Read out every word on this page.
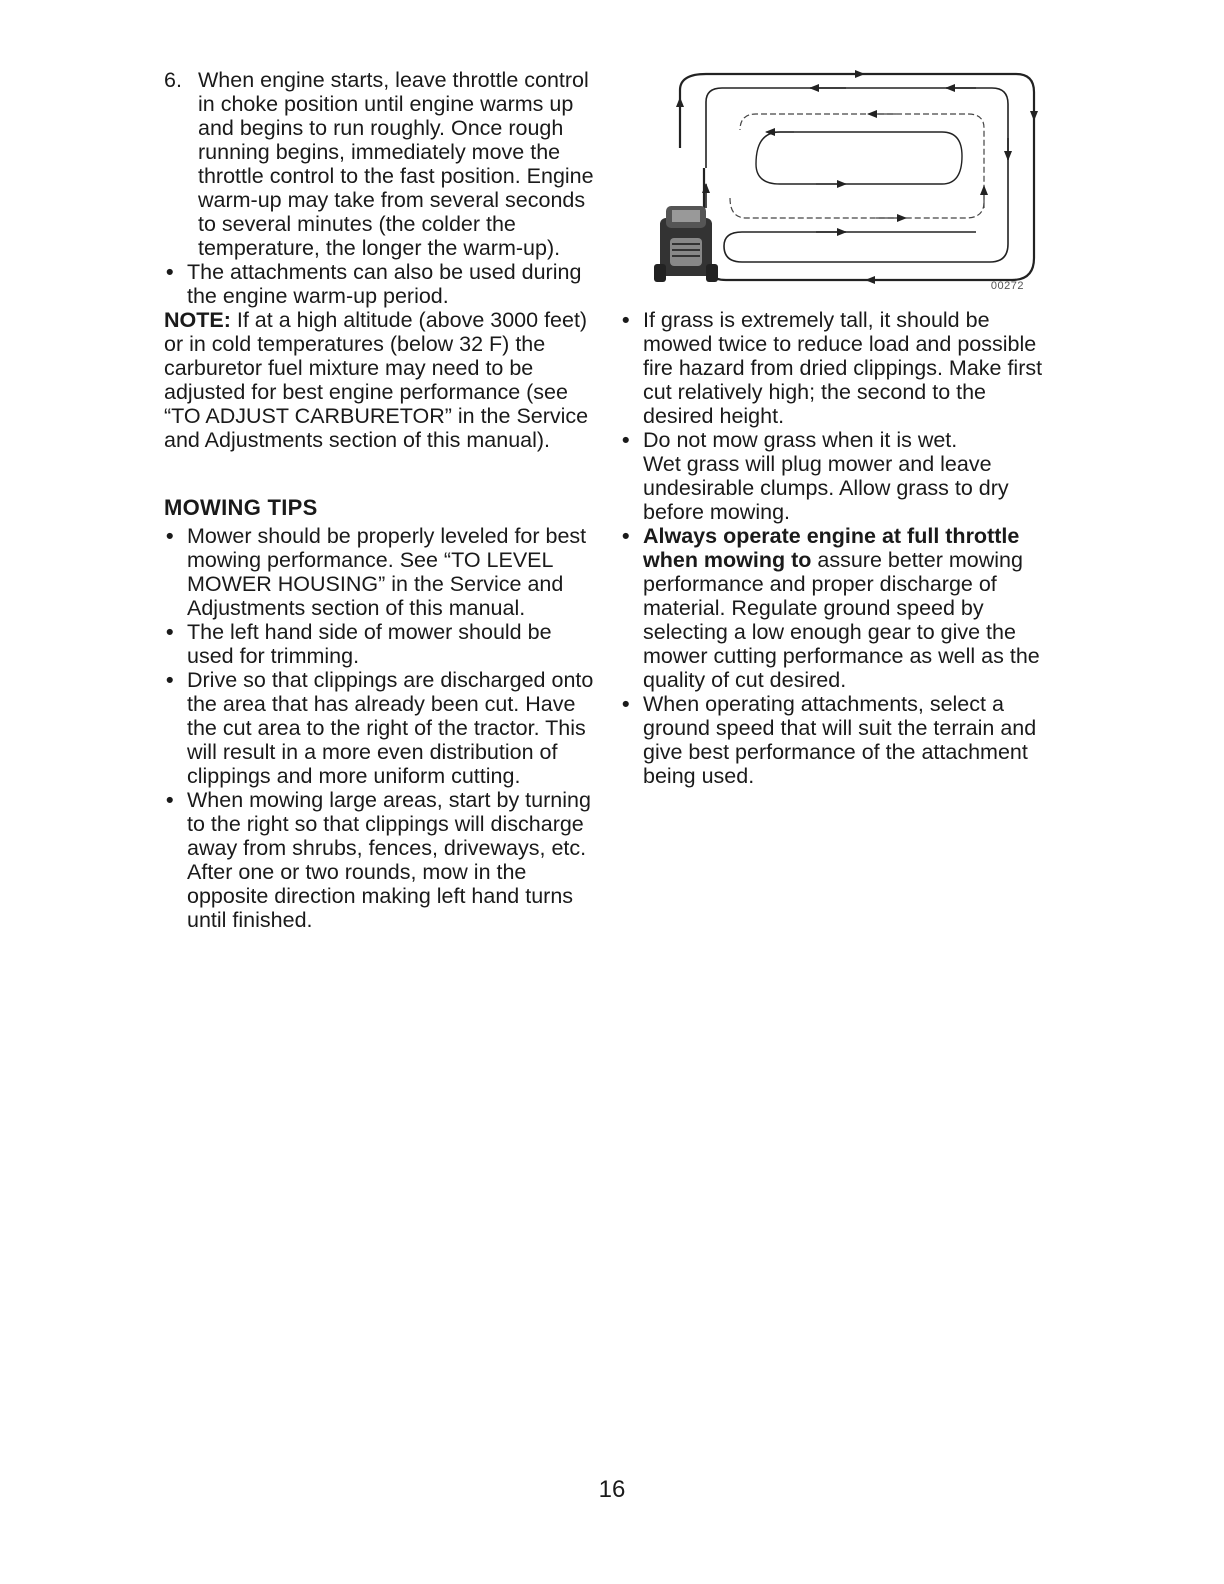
6. When engine starts, leave throttle control in choke position until engine warms up and begins to run roughly. Once rough running begins, immediately move the throttle control to the fast position. Engine warm-up may take from several seconds to several minutes (the colder the temperature, the longer the warm-up).

• The attachments can also be used during the engine warm-up period.

NOTE: If at a high altitude (above 3000 feet) or in cold temperatures (below 32 F) the carburetor fuel mixture may need to be adjusted for best engine performance (see “TO ADJUST CARBURETOR” in the Service and Adjustments section of this manual).

MOWING TIPS
• Mower should be properly leveled for best mowing performance. See “TO LEVEL MOWER HOUSING” in the Service and Adjustments section of this manual.

• The left hand side of mower should be used for trimming.

• Drive so that clippings are discharged onto the area that has already been cut. Have the cut area to the right of the tractor. This will result in a more even distribution of clippings and more uniform cutting.

• When mowing large areas, start by turning to the right so that clippings will discharge away from shrubs, fences, driveways, etc. After one or two rounds, mow in the opposite direction making left hand turns until finished.

00272
• If grass is extremely tall, it should be mowed twice to reduce load and possible fire hazard from dried clippings. Make first cut relatively high; the second to the desired height.

• Do not mow grass when it is wet.

Wet grass will plug mower and leave undesirable clumps. Allow grass to dry before mowing.

• Always operate engine at full throttle when mowing to assure better mowing performance and proper discharge of material. Regulate ground speed by selecting a low enough gear to give the mower cutting performance as well as the quality of cut desired.

• When operating attachments, select a ground speed that will suit the terrain and give best performance of the attachment being used.

16
